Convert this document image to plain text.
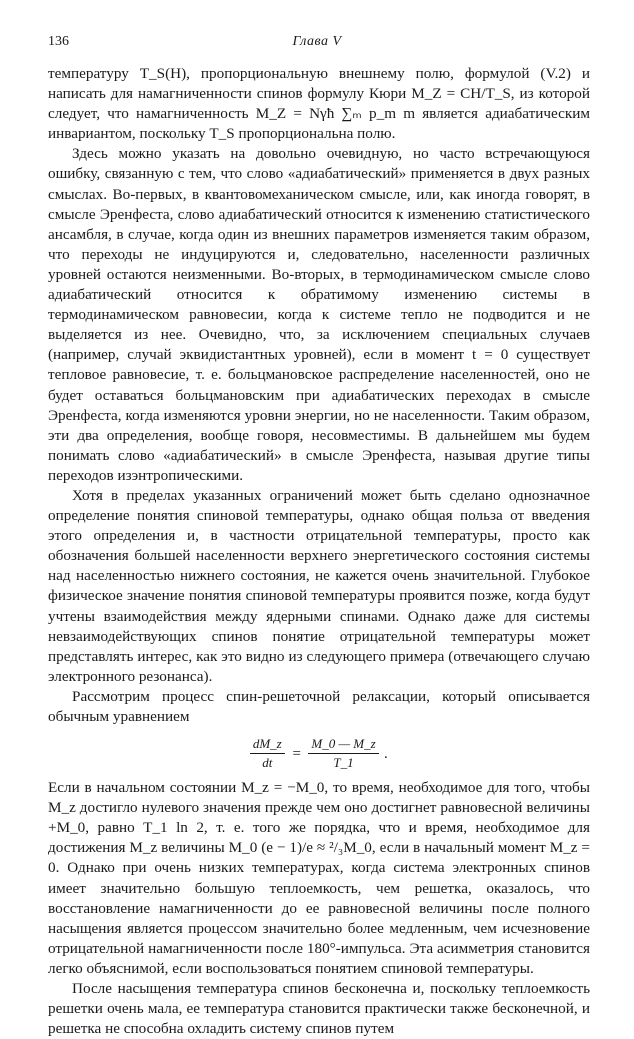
136	Глава V

температуру T_S(H), пропорциональную внешнему полю, формулой (V.2) и написать для намагниченности спинов формулу Кюри M_Z = CH/T_S, из которой следует, что намагниченность M_Z = Nγħ ∑ₘ p_m m является адиабатическим инвариантом, поскольку T_S пропорциональна полю.

Здесь можно указать на довольно очевидную, но часто встречающуюся ошибку, связанную с тем, что слово «адиабатический» применяется в двух разных смыслах. Во-первых, в квантовомеханическом смысле, или, как иногда говорят, в смысле Эренфеста, слово адиабатический относится к изменению статистического ансамбля, в случае, когда один из внешних параметров изменяется таким образом, что переходы не индуцируются и, следовательно, населенности различных уровней остаются неизменными. Во-вторых, в термодинамическом смысле слово адиабатический относится к обратимому изменению системы в термодинамическом равновесии, когда к системе тепло не подводится и не выделяется из нее. Очевидно, что, за исключением специальных случаев (например, случай эквидистантных уровней), если в момент t = 0 существует тепловое равновесие, т. е. больцмановское распределение населенностей, оно не будет оставаться больцмановским при адиабатических переходах в смысле Эренфеста, когда изменяются уровни энергии, но не населенности. Таким образом, эти два определения, вообще говоря, несовместимы. В дальнейшем мы будем понимать слово «адиабатический» в смысле Эренфеста, называя другие типы переходов изэнтропическими.

Хотя в пределах указанных ограничений может быть сделано однозначное определение понятия спиновой температуры, однако общая польза от введения этого определения и, в частности отрицательной температуры, просто как обозначения большей населенности верхнего энергетического состояния системы над населенностью нижнего состояния, не кажется очень значительной. Глубокое физическое значение понятия спиновой температуры проявится позже, когда будут учтены взаимодействия между ядерными спинами. Однако даже для системы невзаимодействующих спинов понятие отрицательной температуры может представлять интерес, как это видно из следующего примера (отвечающего случаю электронного резонанса).

Рассмотрим процесс спин-решеточной релаксации, который описывается обычным уравнением

$\frac{dM\_z}{dt} = \frac{M\_0 — M\_z}{T\_1}$ .

Если в начальном состоянии M_z = −M_0, то время, необходимое для того, чтобы M_z достигло нулевого значения прежде чем оно достигнет равновесной величины +M_0, равно T_1 ln 2, т. е. того же порядка, что и время, необходимое для достижения M_z величины M_0 (e − 1)/e ≈ ²/₃M_0, если в начальный момент M_z = 0. Однако при очень низких температурах, когда система электронных спинов имеет значительно большую теплоемкость, чем решетка, оказалось, что восстановление намагниченности до ее равновесной величины после полного насыщения является процессом значительно более медленным, чем исчезновение отрицательной намагниченности после 180°-импульса. Эта асимметрия становится легко объяснимой, если воспользоваться понятием спиновой температуры.

После насыщения температура спинов бесконечна и, поскольку теплоемкость решетки очень мала, ее температура становится практически также бесконечной, и решетка не способна охладить систему спинов путем
